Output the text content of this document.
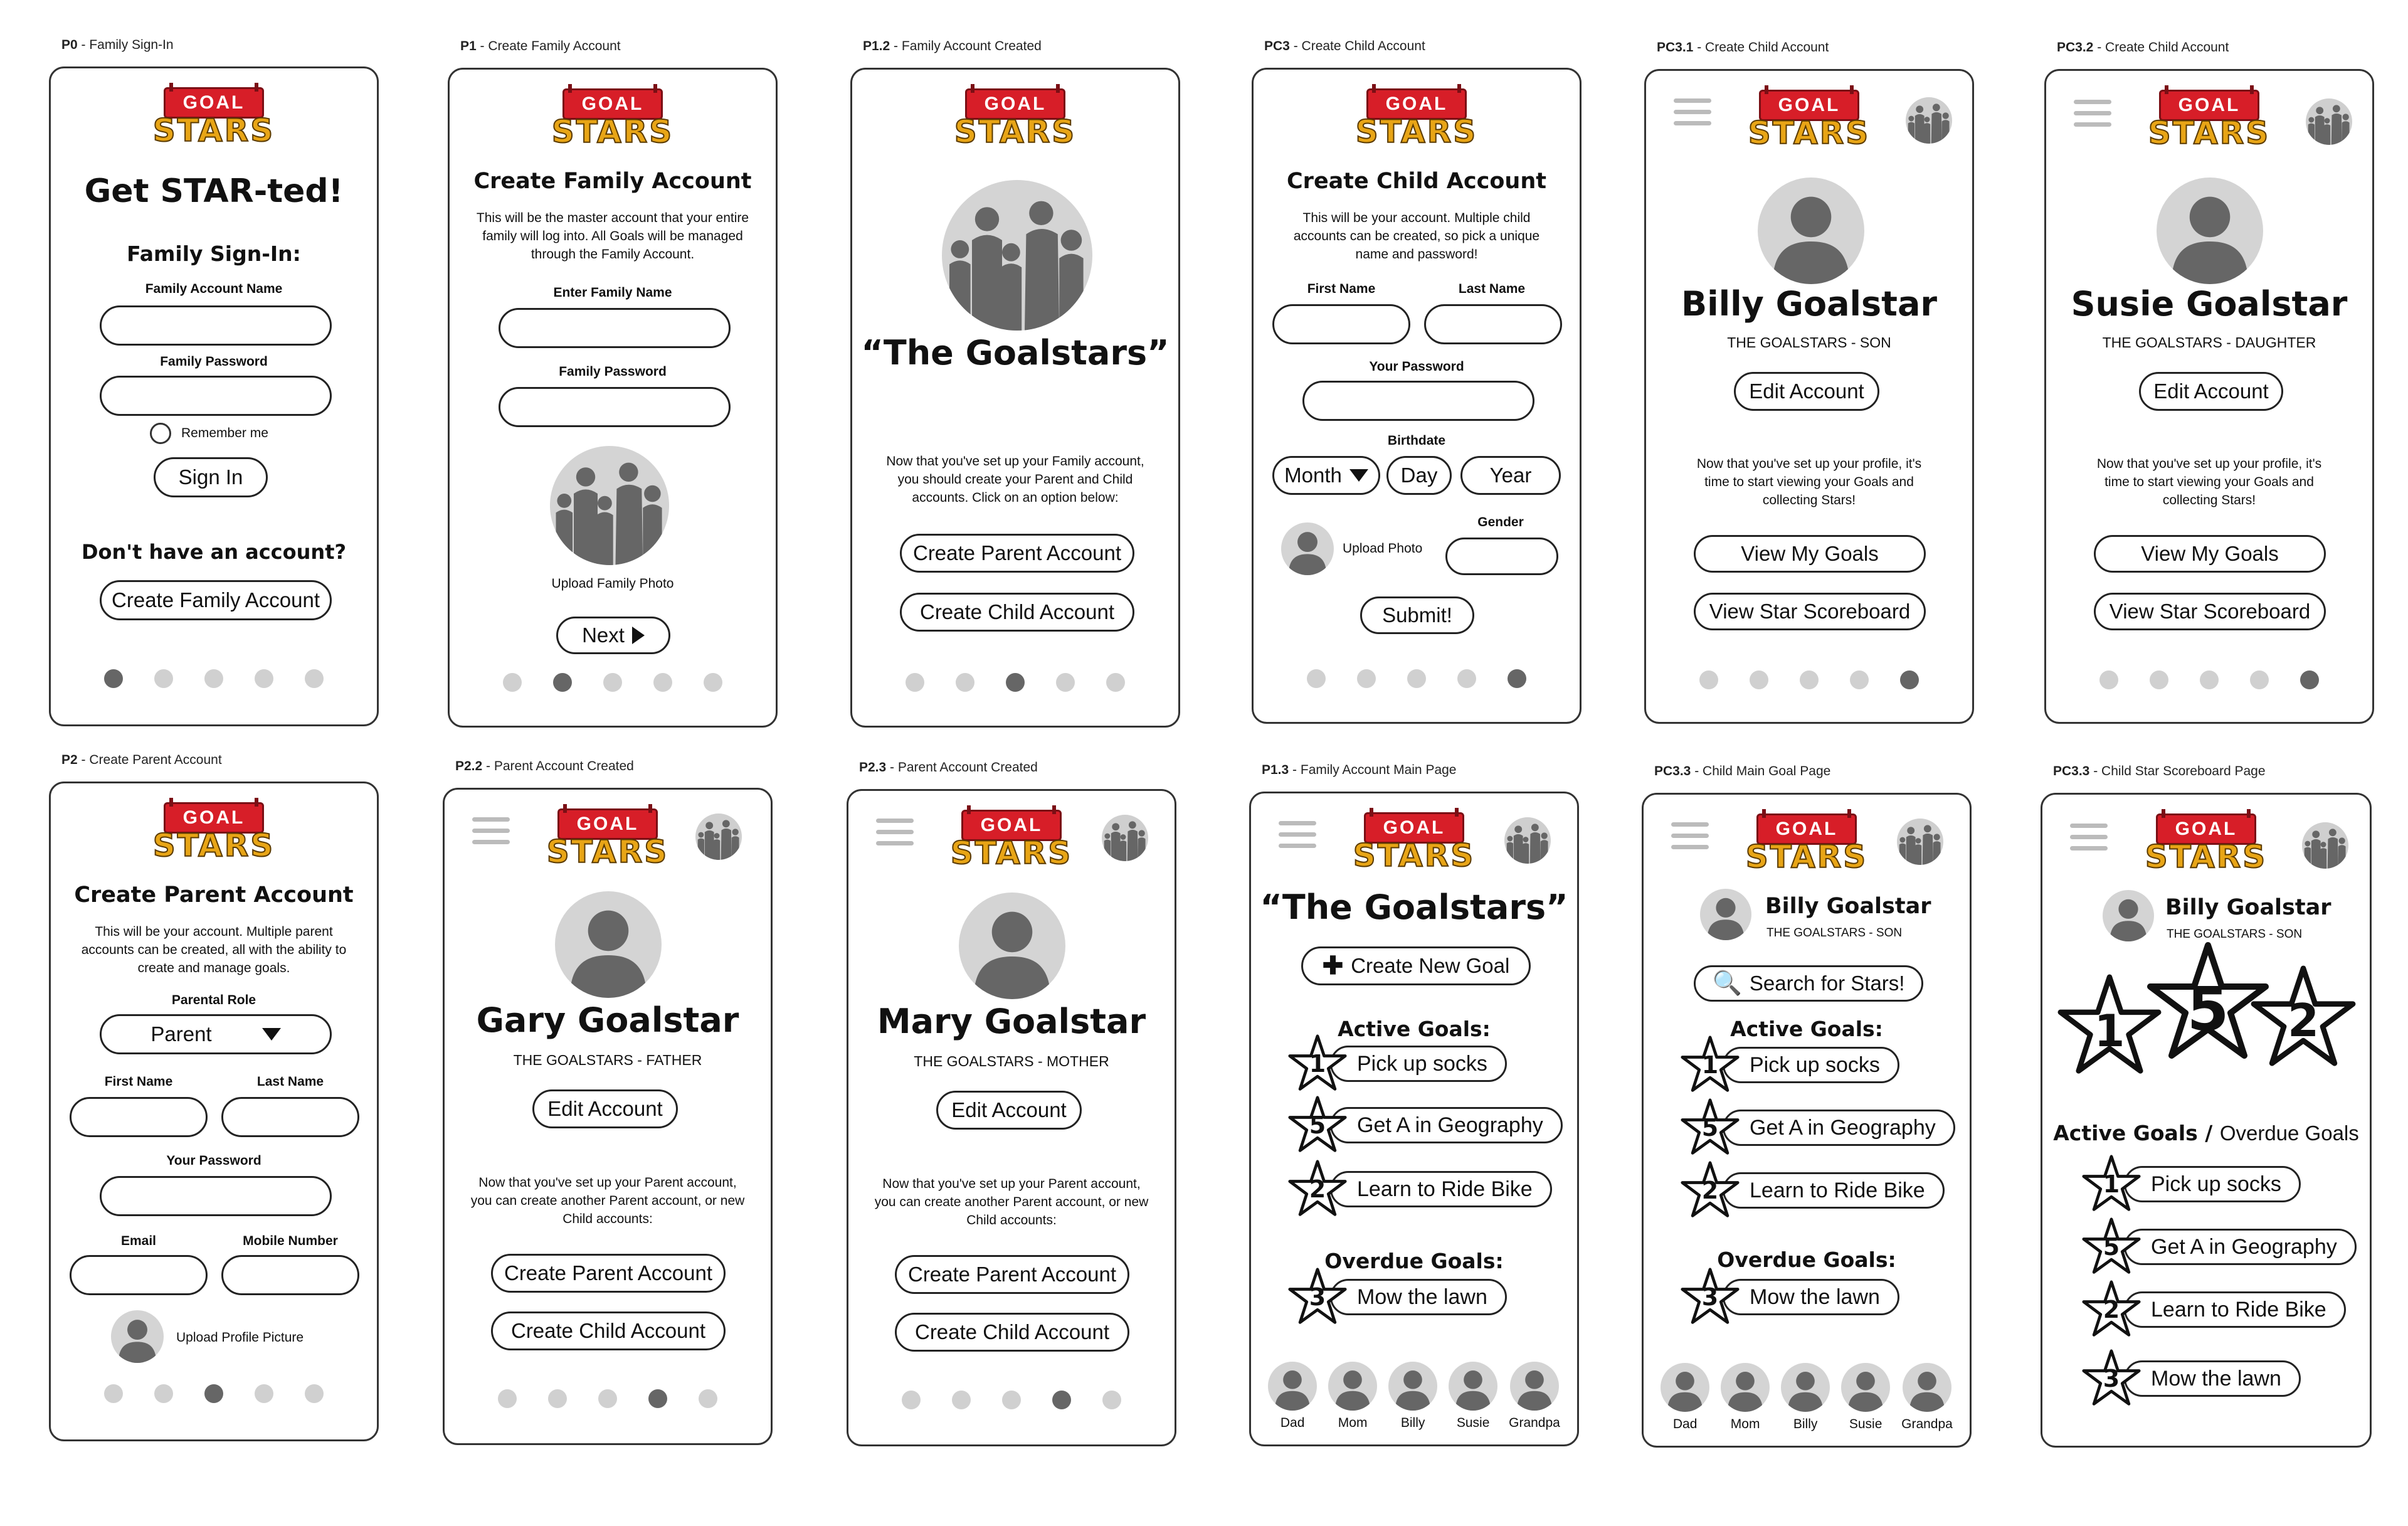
P0 - Family Sign-In
GOAL
STARS
Get STAR-ted!
Family Sign-In:
Family Account Name
Family Password
Remember me
Sign In
Don't have an account?
Create Family Account
P1 - Create Family Account
GOAL
STARS
Create Family Account
This will be the master account that your entire family will log into. All Goals will be managed through the Family Account.
Enter Family Name
Family Password
Upload Family Photo
Next
P1.2 - Family Account Created
GOAL
STARS
“The Goalstars”
Now that you've set up your Family account, you should create your Parent and Child accounts. Click on an option below:
Create Parent Account
Create Child Account
PC3 - Create Child Account
GOAL
STARS
Create Child Account
This will be your account. Multiple child accounts can be created, so pick a unique name and password!
First Name	Last Name
Your Password
Birthdate
Month	Day	Year
Upload Photo
Gender
Submit!
PC3.1 - Create Child Account
GOAL
STARS
Billy Goalstar
THE GOALSTARS - SON
Edit Account
Now that you've set up your profile, it's time to start viewing your Goals and collecting Stars!
View My Goals
View Star Scoreboard
PC3.2 - Create Child Account
GOAL
STARS
Susie Goalstar
THE GOALSTARS - DAUGHTER
Edit Account
Now that you've set up your profile, it's time to start viewing your Goals and collecting Stars!
View My Goals
View Star Scoreboard
P2 - Create Parent Account
GOAL
STARS
Create Parent Account
This will be your account. Multiple parent accounts can be created, all with the ability to create and manage goals.
Parental Role
Parent
First Name	Last Name
Your Password
Email	Mobile Number
Upload Profile Picture
P2.2 - Parent Account Created
GOAL
STARS
Gary Goalstar
THE GOALSTARS - FATHER
Edit Account
Now that you've set up your Parent account, you can create another Parent account, or new Child accounts:
Create Parent Account
Create Child Account
P2.3 - Parent Account Created
GOAL
STARS
Mary Goalstar
THE GOALSTARS - MOTHER
Edit Account
Now that you've set up your Parent account, you can create another Parent account, or new Child accounts:
Create Parent Account
Create Child Account
P1.3 - Family Account Main Page
GOAL
STARS
“The Goalstars”
✚ Create New Goal
Active Goals:
1	Pick up socks
5	Get A in Geography
2	Learn to Ride Bike
Overdue Goals:
3	Mow the lawn
Dad	Mom	Billy Susie Grandpa
PC3.3 - Child Main Goal Page
GOAL
STARS
Billy Goalstar
THE GOALSTARS - SON
🔍 Search for Stars!
Active Goals:
1	Pick up socks
5	Get A in Geography
2	Learn to Ride Bike
Overdue Goals:
3	Mow the lawn
Dad	Mom	Billy Susie Grandpa
PC3.3 - Child Star Scoreboard Page
GOAL
STARS
Billy Goalstar
THE GOALSTARS - SON
1	5	2
Active Goals / Overdue Goals
1	Pick up socks
5	Get A in Geography
2	Learn to Ride Bike
3	Mow the lawn
